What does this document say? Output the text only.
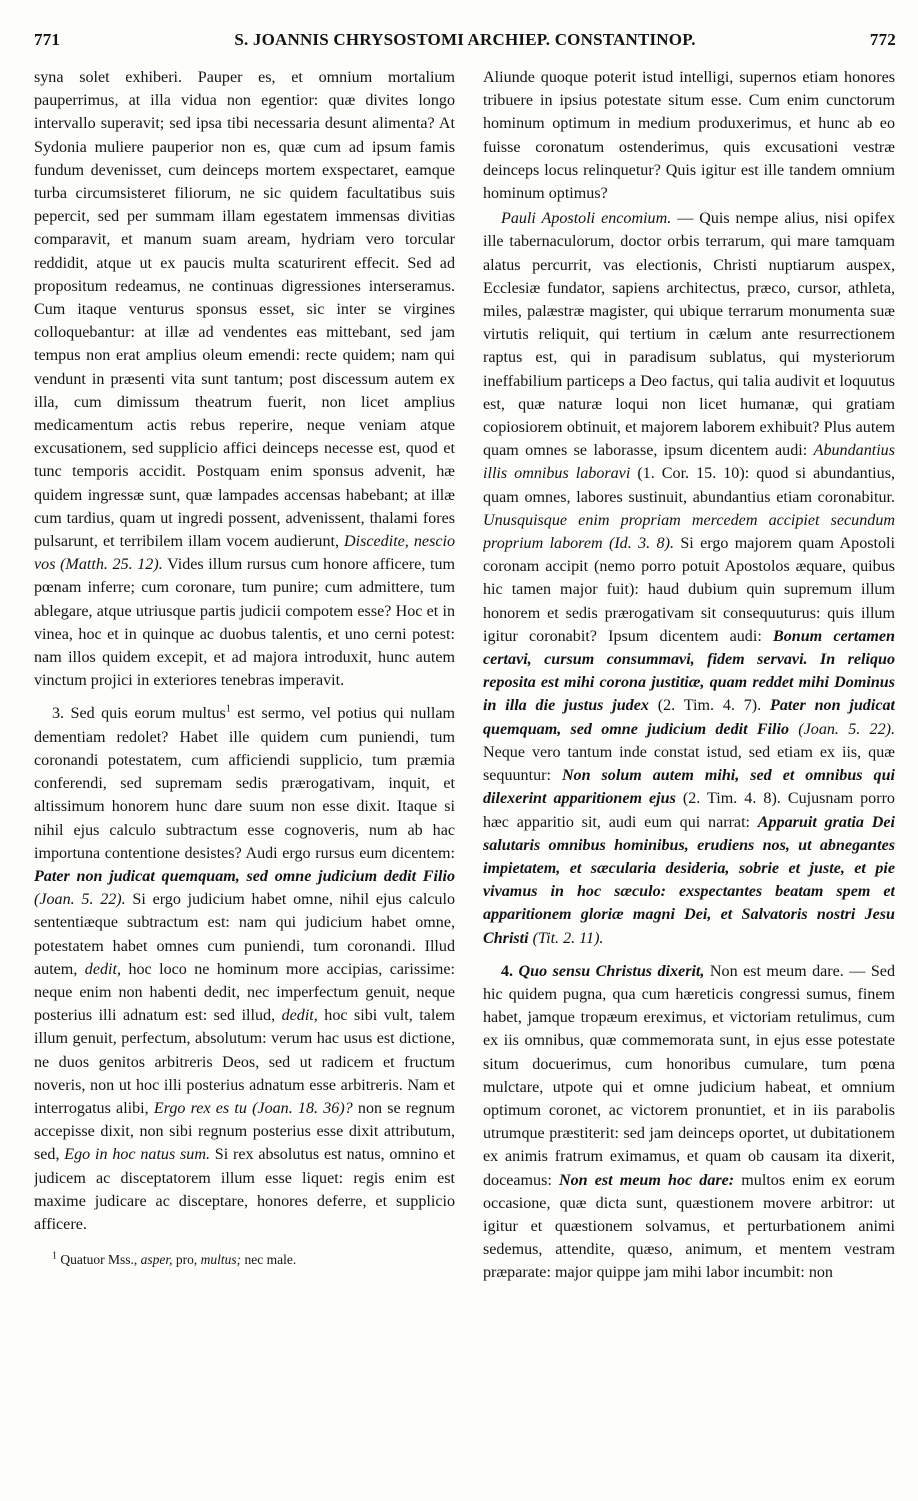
771	S. JOANNIS CHRYSOSTOMI ARCHIEP. CONSTANTINOP.	772

syna solet exhiberi. Pauper es, et omnium mortalium pauperrimus, at illa vidua non egentior: quæ divites longo intervallo superavit; sed ipsa tibi necessaria desunt alimenta? At Sydonia muliere pauperior non es, quæ cum ad ipsum famis fundum devenisset, cum deinceps mortem exspectaret, eamque turba circumsisteret filiorum, ne sic quidem facultatibus suis pepercit, sed per summam illam egestatem immensas divitias comparavit, et manum suam aream, hydriam vero torcular reddidit, atque ut ex paucis multa scaturirent effecit. Sed ad propositum redeamus, ne continuas digressiones interseramus. Cum itaque venturus sponsus esset, sic inter se virgines colloquebantur: at illæ ad vendentes eas mittebant, sed jam tempus non erat amplius oleum emendi: recte quidem; nam qui vendunt in præsenti vita sunt tantum; post discessum autem ex illa, cum dimissum theatrum fuerit, non licet amplius medicamentum actis rebus reperire, neque veniam atque excusationem, sed supplicio affici deinceps necesse est, quod et tunc temporis accidit. Postquam enim sponsus advenit, hæ quidem ingressæ sunt, quæ lampades accensas habebant; at illæ cum tardius, quam ut ingredi possent, advenissent, thalami fores pulsarunt, et terribilem illam vocem audierunt, Discedite, nescio vos (Matth. 25. 12). Vides illum rursus cum honore afficere, tum pœnam inferre; cum coronare, tum punire; cum admittere, tum ablegare, atque utriusque partis judicii compotem esse? Hoc et in vinea, hoc et in quinque ac duobus talentis, et uno cerni potest: nam illos quidem excepit, et ad majora introduxit, hunc autem vinctum projici in exteriores tenebras imperavit.

3. Sed quis eorum multus$^1$ est sermo, vel potius qui nullam dementiam redolet? Habet ille quidem cum puniendi, tum coronandi potestatem, cum afficiendi supplicio, tum præmia conferendi, sed supremam sedis prærogativam, inquit, et altissimum honorem hunc dare suum non esse dixit. Itaque si nihil ejus calculo subtractum esse cognoveris, num ab hac importuna contentione desistes? Audi ergo rursus eum dicentem: Pater non judicat quemquam, sed omne judicium dedit Filio (Joan. 5. 22). Si ergo judicium habet omne, nihil ejus calculo sententiæque subtractum est: nam qui judicium habet omne, potestatem habet omnes cum puniendi, tum coronandi. Illud autem, dedit, hoc loco ne hominum more accipias, carissime: neque enim non habenti dedit, nec imperfectum genuit, neque posterius illi adnatum est: sed illud, dedit, hoc sibi vult, talem illum genuit, perfectum, absolutum: verum hac usus est dictione, ne duos genitos arbitreris Deos, sed ut radicem et fructum noveris, non ut hoc illi posterius adnatum esse arbitreris. Nam et interrogatus alibi, Ergo rex es tu (Joan. 18. 36)? non se regnum accepisse dixit, non sibi regnum posterius esse dixit attributum, sed, Ego in hoc natus sum. Si rex absolutus est natus, omnino et judicem ac disceptatorem illum esse liquet: regis enim est maxime judicare ac disceptare, honores deferre, et supplicio afficere.

$^1$ Quatuor Mss., asper, pro, multus; nec male.

Aliunde quoque poterit istud intelligi, supernos etiam honores tribuere in ipsius potestate situm esse. Cum enim cunctorum hominum optimum in medium produxerimus, et hunc ab eo fuisse coronatum ostenderimus, quis excusationi vestræ deinceps locus relinquetur? Quis igitur est ille tandem omnium hominum optimus?

Pauli Apostoli encomium. — Quis nempe alius, nisi opifex ille tabernaculorum, doctor orbis terrarum, qui mare tamquam alatus percurrit, vas electionis, Christi nuptiarum auspex, Ecclesiæ fundator, sapiens architectus, præco, cursor, athleta, miles, palæstræ magister, qui ubique terrarum monumenta suæ virtutis reliquit, qui tertium in cælum ante resurrectionem raptus est, qui in paradisum sublatus, qui mysteriorum ineffabilium particeps a Deo factus, qui talia audivit et loquutus est, quæ naturæ loqui non licet humanæ, qui gratiam copiosiorem obtinuit, et majorem laborem exhibuit? Plus autem quam omnes se laborasse, ipsum dicentem audi: Abundantius illis omnibus laboravi (1. Cor. 15. 10): quod si abundantius, quam omnes, labores sustinuit, abundantius etiam coronabitur. Unusquisque enim propriam mercedem accipiet secundum proprium laborem (Id. 3. 8). Si ergo majorem quam Apostoli coronam accipit (nemo porro potuit Apostolos æquare, quibus hic tamen major fuit): haud dubium quin supremum illum honorem et sedis prærogativam sit consequuturus: quis illum igitur coronabit? Ipsum dicentem audi: Bonum certamen certavi, cursum consummavi, fidem servavi. In reliquo reposita est mihi corona justitiæ, quam reddet mihi Dominus in illa die justus judex (2. Tim. 4. 7). Pater non judicat quemquam, sed omne judicium dedit Filio (Joan. 5. 22). Neque vero tantum inde constat istud, sed etiam ex iis, quæ sequuntur: Non solum autem mihi, sed et omnibus qui dilexerint apparitionem ejus (2. Tim. 4. 8). Cujusnam porro hæc apparitio sit, audi eum qui narrat: Apparuit gratia Dei salutaris omnibus hominibus, erudiens nos, ut abnegantes impietatem, et sæcularia desideria, sobrie et juste, et pie vivamus in hoc sæculo: exspectantes beatam spem et apparitionem gloriæ magni Dei, et Salvatoris nostri Jesu Christi (Tit. 2. 11).

4. Quo sensu Christus dixerit, Non est meum dare. — Sed hic quidem pugna, qua cum hæreticis congressi sumus, finem habet, jamque tropæum ereximus, et victoriam retulimus, cum ex iis omnibus, quæ commemorata sunt, in ejus esse potestate situm docuerimus, cum honoribus cumulare, tum pœna mulctare, utpote qui et omne judicium habeat, et omnium optimum coronet, ac victorem pronuntiet, et in iis parabolis utrumque præstiterit: sed jam deinceps oportet, ut dubitationem ex animis fratrum eximamus, et quam ob causam ita dixerit, doceamus: Non est meum hoc dare: multos enim ex eorum occasione, quæ dicta sunt, quæstionem movere arbitror: ut igitur et quæstionem solvamus, et perturbationem animi sedemus, attendite, quæso, animum, et mentem vestram præparate: major quippe jam mihi labor incumbit: non
